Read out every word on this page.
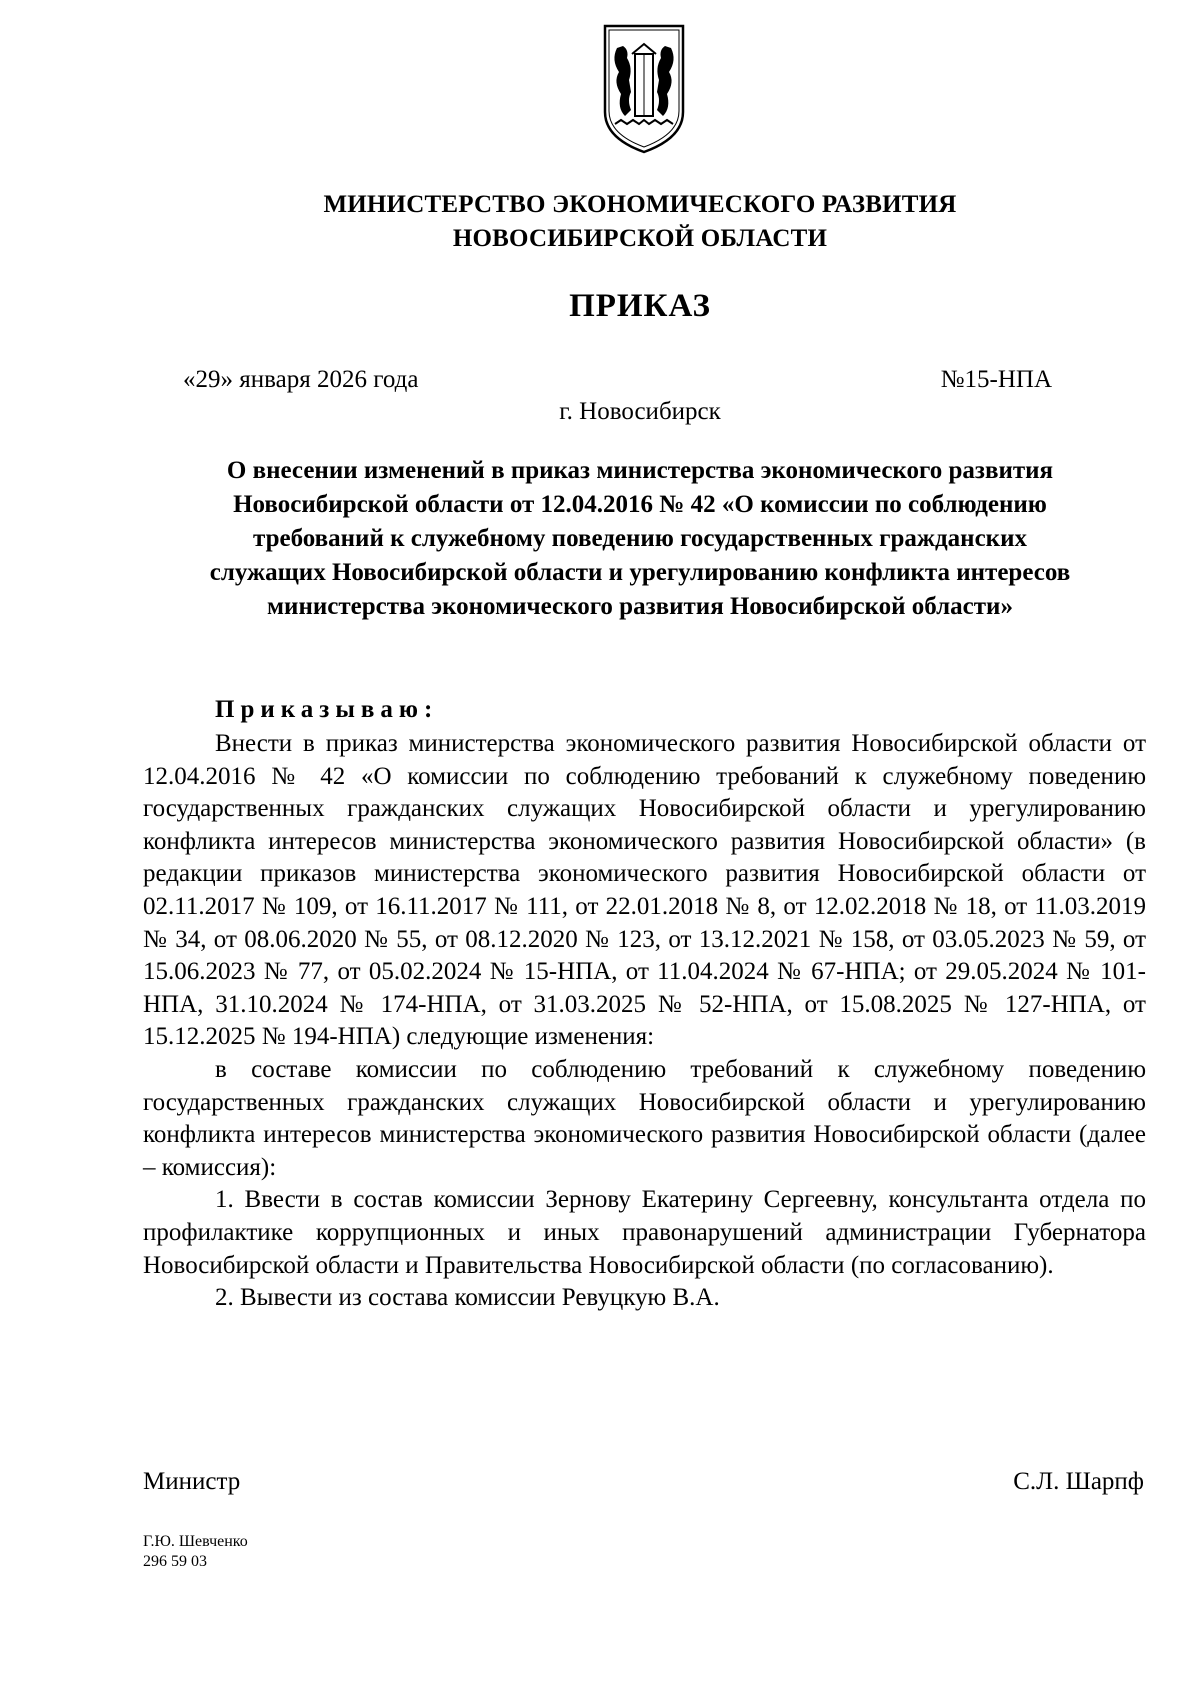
МИНИСТЕРСТВО ЭКОНОМИЧЕСКОГО РАЗВИТИЯ
НОВОСИБИРСКОЙ ОБЛАСТИ
ПРИКАЗ
«29» января 2026 года	№15-НПА
г. Новосибирск
О внесении изменений в приказ министерства экономического развития Новосибирской области от 12.04.2016 № 42 «О комиссии по соблюдению требований к служебному поведению государственных гражданских служащих Новосибирской области и урегулированию конфликта интересов министерства экономического развития Новосибирской области»
Приказываю:

Внести в приказ министерства экономического развития Новосибирской области от 12.04.2016 № 42 «О комиссии по соблюдению требований к служебному поведению государственных гражданских служащих Новосибирской области и урегулированию конфликта интересов министерства экономического развития Новосибирской области» (в редакции приказов министерства экономического развития Новосибирской области от 02.11.2017 № 109, от 16.11.2017 № 111, от 22.01.2018 № 8, от 12.02.2018 № 18, от 11.03.2019 № 34, от 08.06.2020 № 55, от 08.12.2020 № 123, от 13.12.2021 № 158, от 03.05.2023 № 59, от 15.06.2023 № 77, от 05.02.2024 № 15-НПА, от 11.04.2024 № 67-НПА; от 29.05.2024 № 101-НПА, 31.10.2024 № 174-НПА, от 31.03.2025 № 52-НПА, от 15.08.2025 № 127-НПА, от 15.12.2025 № 194-НПА) следующие изменения:

в составе комиссии по соблюдению требований к служебному поведению государственных гражданских служащих Новосибирской области и урегулированию конфликта интересов министерства экономического развития Новосибирской области (далее – комиссия):

1. Ввести в состав комиссии Зернову Екатерину Сергеевну, консультанта отдела по профилактике коррупционных и иных правонарушений администрации Губернатора Новосибирской области и Правительства Новосибирской области (по согласованию).

2. Вывести из состава комиссии Ревуцкую В.А.

Министр	С.Л. Шарпф
Г.Ю. Шевченко
296 59 03
